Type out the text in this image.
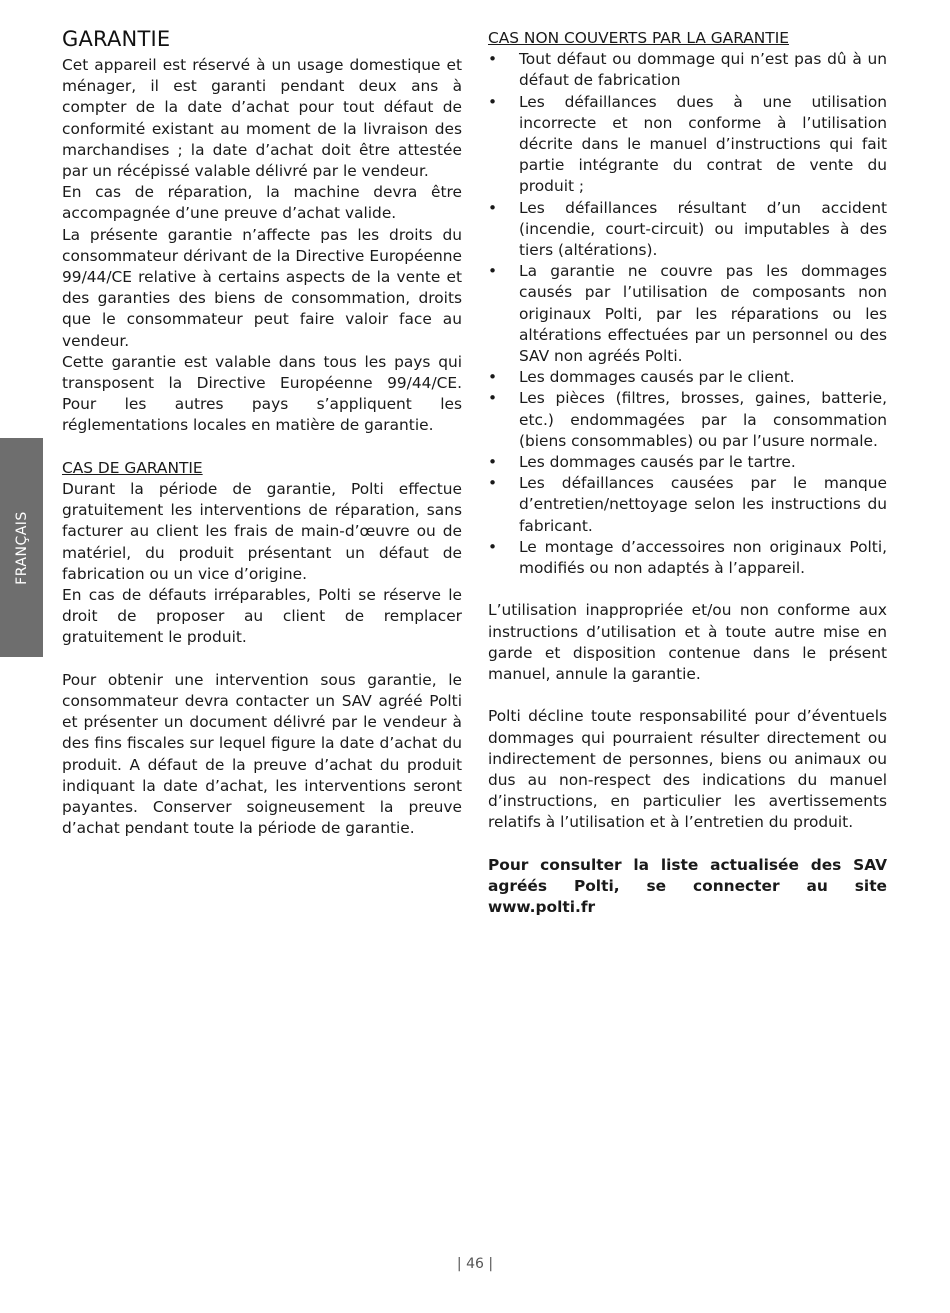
FRANÇAIS
GARANTIE

Cet appareil est réservé à un usage domestique et ménager, il est garanti pendant deux ans à compter de la date d’achat pour tout défaut de conformité existant au moment de la livraison des marchandises ; la date d’achat doit être attestée par un récépissé valable délivré par le vendeur.

En cas de réparation, la machine devra être accompagnée d’une preuve d’achat valide.

La présente garantie n’affecte pas les droits du consommateur dérivant de la Directive Européenne 99/44/CE relative à certains aspects de la vente et des garanties des biens de consommation, droits que le consommateur peut faire valoir face au vendeur.

Cette garantie est valable dans tous les pays qui transposent la Directive Européenne 99/44/CE. Pour les autres pays s’appliquent les réglementations locales en matière de garantie.

CAS DE GARANTIE

Durant la période de garantie, Polti effectue gratuitement les interventions de réparation, sans facturer au client les frais de main-d’œuvre ou de matériel, du produit présentant un défaut de fabrication ou un vice d’origine.

En cas de défauts irréparables, Polti se réserve le droit de proposer au client de remplacer gratuitement le produit.

Pour obtenir une intervention sous garantie, le consommateur devra contacter un SAV agréé Polti et présenter un document délivré par le vendeur à des fins fiscales sur lequel figure la date d’achat du produit. A défaut de la preuve d’achat du produit indiquant la date d’achat, les interventions seront payantes. Conserver soigneusement la preuve d’achat pendant toute la période de garantie.

CAS NON COUVERTS PAR LA GARANTIE

• Tout défaut ou dommage qui n’est pas dû à un défaut de fabrication
• Les défaillances dues à une utilisation incorrecte et non conforme à l’utilisation décrite dans le manuel d’instructions qui fait partie intégrante du contrat de vente du produit ;
• Les défaillances résultant d’un accident (incendie, court-circuit) ou imputables à des tiers (altérations).
• La garantie ne couvre pas les dommages causés par l’utilisation de composants non originaux Polti, par les réparations ou les altérations effectuées par un personnel ou des SAV non agréés Polti.
• Les dommages causés par le client.
• Les pièces (filtres, brosses, gaines, batterie, etc.) endommagées par la consommation (biens consommables) ou par l’usure normale.
• Les dommages causés par le tartre.
• Les défaillances causées par le manque d’entretien/nettoyage selon les instructions du fabricant.
• Le montage d’accessoires non originaux Polti, modifiés ou non adaptés à l’appareil.

L’utilisation inappropriée et/ou non conforme aux instructions d’utilisation et à toute autre mise en garde et disposition contenue dans le présent manuel, annule la garantie.

Polti décline toute responsabilité pour d’éventuels dommages qui pourraient résulter directement ou indirectement de personnes, biens ou animaux ou dus au non-respect des indications du manuel d’instructions, en particulier les avertissements relatifs à l’utilisation et à l’entretien du produit.

Pour consulter la liste actualisée des SAV agréés Polti, se connecter au site www.polti.fr

| 46 |
